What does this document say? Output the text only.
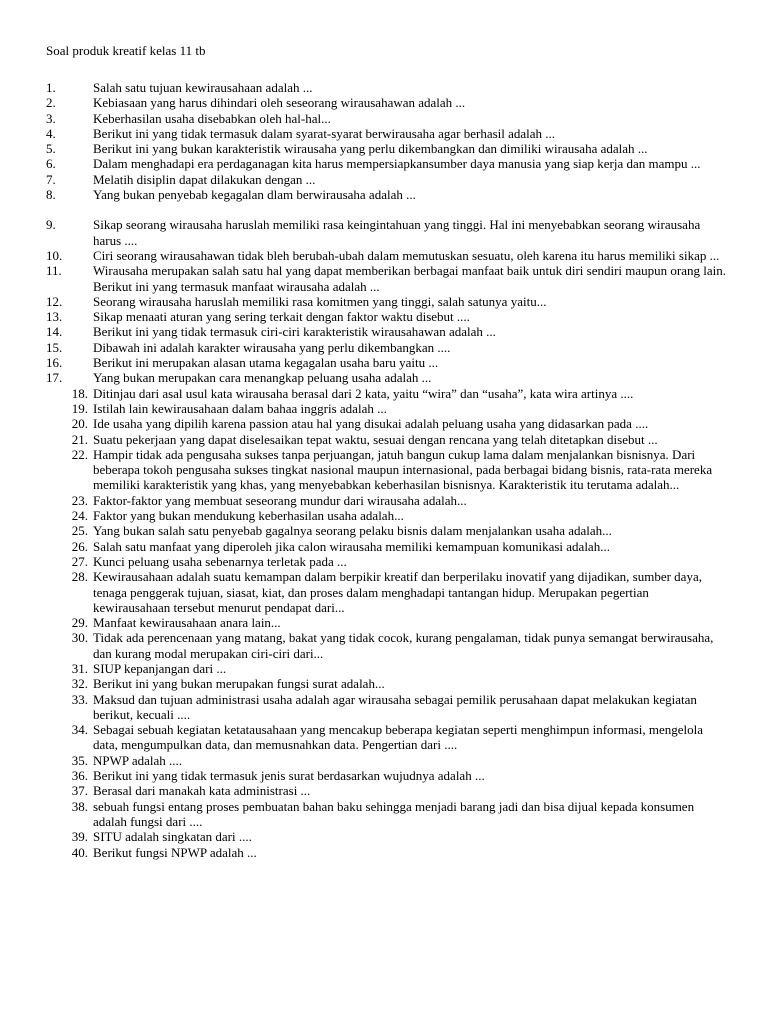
Soal produk kreatif kelas 11 tb
1.	Salah satu tujuan kewirausahaan adalah ...
2.	Kebiasaan yang harus dihindari oleh seseorang wirausahawan adalah ...
3.	Keberhasilan usaha disebabkan oleh hal-hal...
4.	Berikut ini yang tidak termasuk dalam syarat-syarat berwirausaha agar berhasil adalah ...
5.	Berikut ini yang bukan karakteristik wirausaha yang perlu dikembangkan dan dimiliki wirausaha adalah ...
6.	Dalam menghadapi era perdaganagan kita harus mempersiapkansumber daya manusia yang siap kerja dan mampu ...
7.	Melatih disiplin dapat dilakukan dengan ...
8.	Yang bukan penyebab kegagalan dlam berwirausaha adalah ...
9.	Sikap seorang wirausaha haruslah memiliki rasa keingintahuan yang tinggi. Hal ini menyebabkan seorang wirausaha harus ....
10. Ciri seorang wirausahawan tidak bleh berubah-ubah dalam memutuskan sesuatu, oleh karena itu harus memiliki sikap ...
11. Wirausaha merupakan salah satu hal yang dapat memberikan berbagai manfaat baik untuk diri sendiri maupun orang lain. Berikut ini yang termasuk manfaat wirausaha adalah ...
12. Seorang wirausaha haruslah memiliki rasa komitmen yang tinggi, salah satunya yaitu...
13. Sikap menaati aturan yang sering terkait dengan faktor waktu disebut ....
14. Berikut ini yang tidak termasuk ciri-ciri karakteristik wirausahawan adalah ...
15. Dibawah ini adalah karakter wirausaha yang perlu dikembangkan ....
16. Berikut ini merupakan alasan utama kegagalan usaha baru yaitu ...
17. Yang bukan merupakan cara menangkap peluang usaha adalah ...
18. Ditinjau dari asal usul kata wirausaha berasal dari 2 kata, yaitu “wira” dan “usaha”, kata wira artinya ....
19. Istilah lain kewirausahaan dalam bahaa inggris adalah ...
20. Ide usaha yang dipilih karena passion atau hal yang disukai adalah peluang usaha yang didasarkan pada ....
21. Suatu pekerjaan yang dapat diselesaikan tepat waktu, sesuai dengan rencana yang telah ditetapkan disebut ...
22. Hampir tidak ada pengusaha sukses tanpa perjuangan, jatuh bangun cukup lama dalam menjalankan bisnisnya. Dari beberapa tokoh pengusaha sukses tingkat nasional maupun internasional, pada berbagai bidang bisnis, rata-rata mereka memiliki karakteristik yang khas, yang menyebabkan keberhasilan bisnisnya. Karakteristik itu terutama adalah...
23. Faktor-faktor yang membuat seseorang mundur dari wirausaha adalah...
24. Faktor yang bukan mendukung keberhasilan usaha adalah...
25. Yang bukan salah satu penyebab gagalnya seorang pelaku bisnis dalam menjalankan usaha adalah...
26. Salah satu manfaat yang diperoleh jika calon wirausaha memiliki kemampuan komunikasi adalah...
27. Kunci peluang usaha sebenarnya terletak pada ...
28. Kewirausahaan adalah suatu kemampan dalam berpikir kreatif dan berperilaku inovatif yang dijadikan, sumber daya, tenaga penggerak tujuan, siasat, kiat, dan proses dalam menghadapi tantangan hidup. Merupakan pegertian kewirausahaan tersebut menurut pendapat dari...
29. Manfaat kewirausahaan anara lain...
30. Tidak ada perencenaan yang matang, bakat yang tidak cocok, kurang pengalaman, tidak punya semangat berwirausaha, dan kurang modal merupakan ciri-ciri dari...
31. SIUP kepanjangan dari ...
32. Berikut ini yang bukan merupakan fungsi surat adalah...
33. Maksud dan tujuan administrasi usaha adalah agar wirausaha sebagai pemilik perusahaan dapat melakukan kegiatan berikut, kecuali ....
34. Sebagai sebuah kegiatan ketatausahaan yang mencakup beberapa kegiatan seperti menghimpun informasi, mengelola data, mengumpulkan data, dan memusnahkan data. Pengertian dari ....
35. NPWP adalah ....
36. Berikut ini yang tidak termasuk jenis surat berdasarkan wujudnya adalah ...
37. Berasal dari manakah kata administrasi ...
38. sebuah fungsi entang proses pembuatan bahan baku sehingga menjadi barang jadi dan bisa dijual kepada konsumen adalah fungsi dari ....
39. SITU adalah singkatan dari ....
40. Berikut fungsi NPWP adalah ...
